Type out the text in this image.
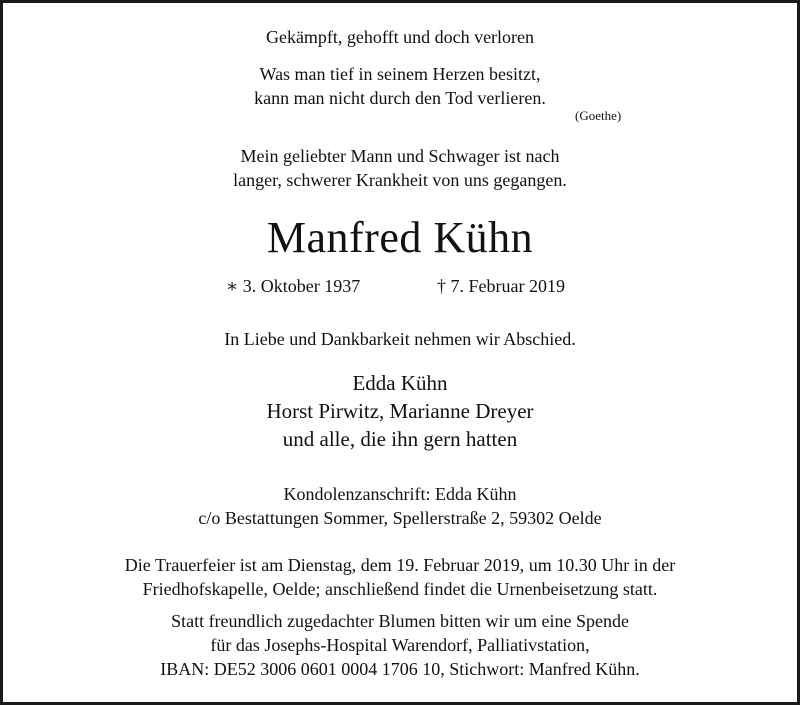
Gekämpft, gehofft und doch verloren
Was man tief in seinem Herzen besitzt,
kann man nicht durch den Tod verlieren.
(Goethe)
Mein geliebter Mann und Schwager ist nach
langer, schwerer Krankheit von uns gegangen.
Manfred Kühn
∗ 3. Oktober 1937	† 7. Februar 2019
In Liebe und Dankbarkeit nehmen wir Abschied.
Edda Kühn
Horst Pirwitz, Marianne Dreyer
und alle, die ihn gern hatten
Kondolenzanschrift: Edda Kühn
c/o Bestattungen Sommer, Spellerstraße 2, 59302 Oelde
Die Trauerfeier ist am Dienstag, dem 19. Februar 2019, um 10.30 Uhr in der
Friedhofskapelle, Oelde; anschließend findet die Urnenbeisetzung statt.
Statt freundlich zugedachter Blumen bitten wir um eine Spende
für das Josephs-Hospital Warendorf, Palliativstation,
IBAN: DE52 3006 0601 0004 1706 10, Stichwort: Manfred Kühn.
